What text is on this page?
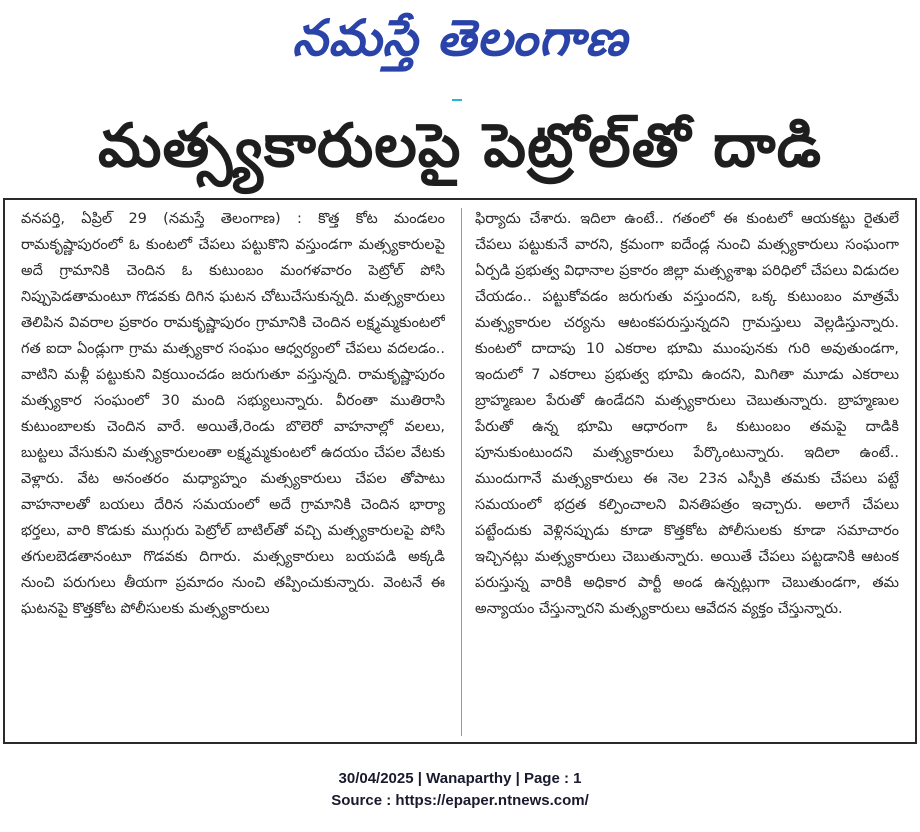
నమస్తే తెలంగాణ
మత్స్యకారులపై పెట్రోల్‌తో దాడి

వనపర్తి, ఏప్రిల్ 29 (నమస్తే తెలంగాణ) : కొత్త కోట మండలం రామకృష్ణాపురంలో ఓ కుంటలో చేపలు పట్టుకొని వస్తుండగా మత్స్యకారులపై అదే గ్రామానికి చెందిన ఓ కుటుంబం మంగళవారం పెట్రోల్ పోసి నిప్పుపెడతామంటూ గొడవకు దిగిన ఘటన చోటుచేసుకున్నది. మత్స్యకారులు తెలిపిన వివరాల ప్రకారం రామకృష్ణాపురం గ్రామానికి చెందిన లక్ష్మమ్మకుంటలో గత ఐదా ఏండ్లుగా గ్రామ మత్స్యకార సంఘం ఆధ్వర్యంలో చేపలు వదలడం.. వాటిని మళ్లీ పట్టుకుని విక్రయించడం జరుగుతూ వస్తున్నది. రామకృష్ణాపురం మత్స్యకార సంఘంలో 30 మంది సభ్యులున్నారు. వీరంతా ముతిరాసి కుటుంబాలకు చెందిన వారే. అయితే,రెండు బొలెరో వాహనాల్లో వలలు, బుట్టలు వేసుకుని మత్స్యకారులంతా లక్ష్మమ్మకుంటలో ఉదయం చేపల వేటకు వెళ్లారు. వేట అనంతరం మధ్యాహ్నం మత్స్యకారులు చేపల తోపాటు వాహనాలతో బయలు దేరిన సమయంలో అదే గ్రామానికి చెందిన భార్యా భర్తలు, వారి కొడుకు ముగ్గురు పెట్రోల్ బాటిల్‌తో వచ్చి మత్స్యకారులపై పోసి తగులబెడతానంటూ గొడవకు దిగారు. మత్స్యకారులు బయపడి అక్కడి నుంచి పరుగులు తీయగా ప్రమాదం నుంచి తప్పించుకున్నారు. వెంటనే ఈ ఘటనపై కొత్తకోట పోలీసులకు మత్స్యకారులు

ఫిర్యాదు చేశారు. ఇదిలా ఉంటే.. గతంలో ఈ కుంటలో ఆయకట్టు రైతులే చేపలు పట్టుకునే వారని, క్రమంగా ఐదేండ్ల నుంచి మత్స్యకారులు సంఘంగా ఏర్పడి ప్రభుత్వ విధానాల ప్రకారం జిల్లా మత్స్యశాఖ పరిధిలో చేపలు విడుదల చేయడం.. పట్టుకోవడం జరుగుతు వస్తుందని, ఒక్క కుటుంబం మాత్రమే మత్స్యకారుల చర్యను ఆటంకపరుస్తున్నదని గ్రామస్తులు వెల్లడిస్తున్నారు. కుంటలో దాదాపు 10 ఎకరాల భూమి ముంపునకు గురి అవుతుండగా, ఇందులో 7 ఎకరాలు ప్రభుత్వ భూమి ఉందని, మిగితా మూడు ఎకరాలు బ్రాహ్మణుల పేరుతో ఉండేదని మత్స్యకారులు చెబుతున్నారు. బ్రాహ్మణుల పేరుతో ఉన్న భూమి ఆధారంగా ఓ కుటుంబం తమపై దాడికి పూనుకుంటుందని మత్స్యకారులు పేర్కొంటున్నారు. ఇదిలా ఉంటే.. ముందుగానే మత్స్యకారులు ఈ నెల 23న ఎస్పీకి తమకు చేపలు పట్టే సమయంలో భద్రత కల్పించాలని వినతిపత్రం ఇచ్చారు. అలాగే చేపలు పట్టేందుకు వెళ్లినప్పుడు కూడా కొత్తకోట పోలీసులకు కూడా సమాచారం ఇచ్చినట్లు మత్స్యకారులు చెబుతున్నారు. అయితే చేపలు పట్టడానికి ఆటంక పరుస్తున్న వారికి అధికార పార్టీ అండ ఉన్నట్లుగా చెబుతుండగా, తమ అన్యాయం చేస్తున్నారని మత్స్యకారులు ఆవేదన వ్యక్తం చేస్తున్నారు.

30/04/2025 | Wanaparthy | Page : 1
Source : https://epaper.ntnews.com/
